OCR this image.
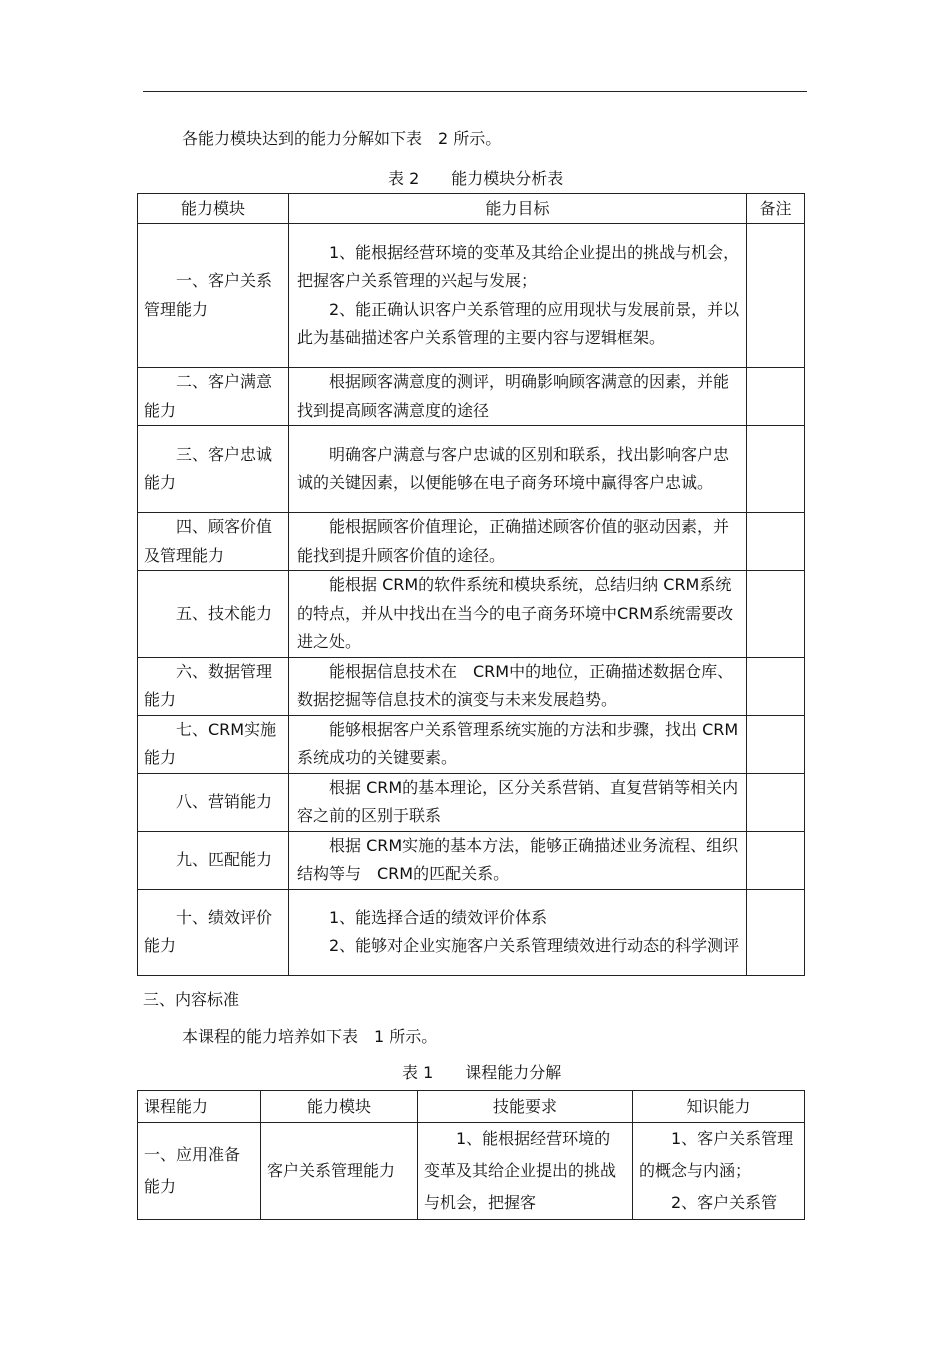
各能力模块达到的能力分解如下表　2 所示。
表 2　　能力模块分析表
能力模块	能力目标	备注

一、客户关系管理能力	1、能根据经营环境的变革及其给企业提出的挑战与机会，把握客户关系管理的兴起与发展；
2、能正确认识客户关系管理的应用现状与发展前景，并以此为基础描述客户关系管理的主要内容与逻辑框架。	

二、客户满意能力	根据顾客满意度的测评，明确影响顾客满意的因素，并能找到提高顾客满意度的途径	

三、客户忠诚能力	明确客户满意与客户忠诚的区别和联系，找出影响客户忠诚的关键因素，以便能够在电子商务环境中赢得客户忠诚。	

四、顾客价值及管理能力	能根据顾客价值理论，正确描述顾客价值的驱动因素，并能找到提升顾客价值的途径。	

五、技术能力	能根据 CRM的软件系统和模块系统，总结归纳 CRM系统的特点，并从中找出在当今的电子商务环境中CRM系统需要改进之处。	

六、数据管理能力	能根据信息技术在　CRM中的地位，正确描述数据仓库、数据挖掘等信息技术的演变与未来发展趋势。	

七、CRM实施能力	能够根据客户关系管理系统实施的方法和步骤，找出 CRM系统成功的关键要素。	

八、营销能力	根据 CRM的基本理论，区分关系营销、直复营销等相关内容之前的区别于联系	

九、匹配能力	根据 CRM实施的基本方法，能够正确描述业务流程、组织结构等与　CRM的匹配关系。	

十、绩效评价能力	1、能选择合适的绩效评价体系
2、能够对企业实施客户关系管理绩效进行动态的科学测评	

三、内容标准
本课程的能力培养如下表　1 所示。
表 1　　课程能力分解
课程能力	能力模块	技能要求	知识能力
一、应用准备能力	客户关系管理能力	1、能根据经营环境的变革及其给企业提出的挑战与机会，把握客	1、客户关系管理的概念与内涵；
2、客户关系管
